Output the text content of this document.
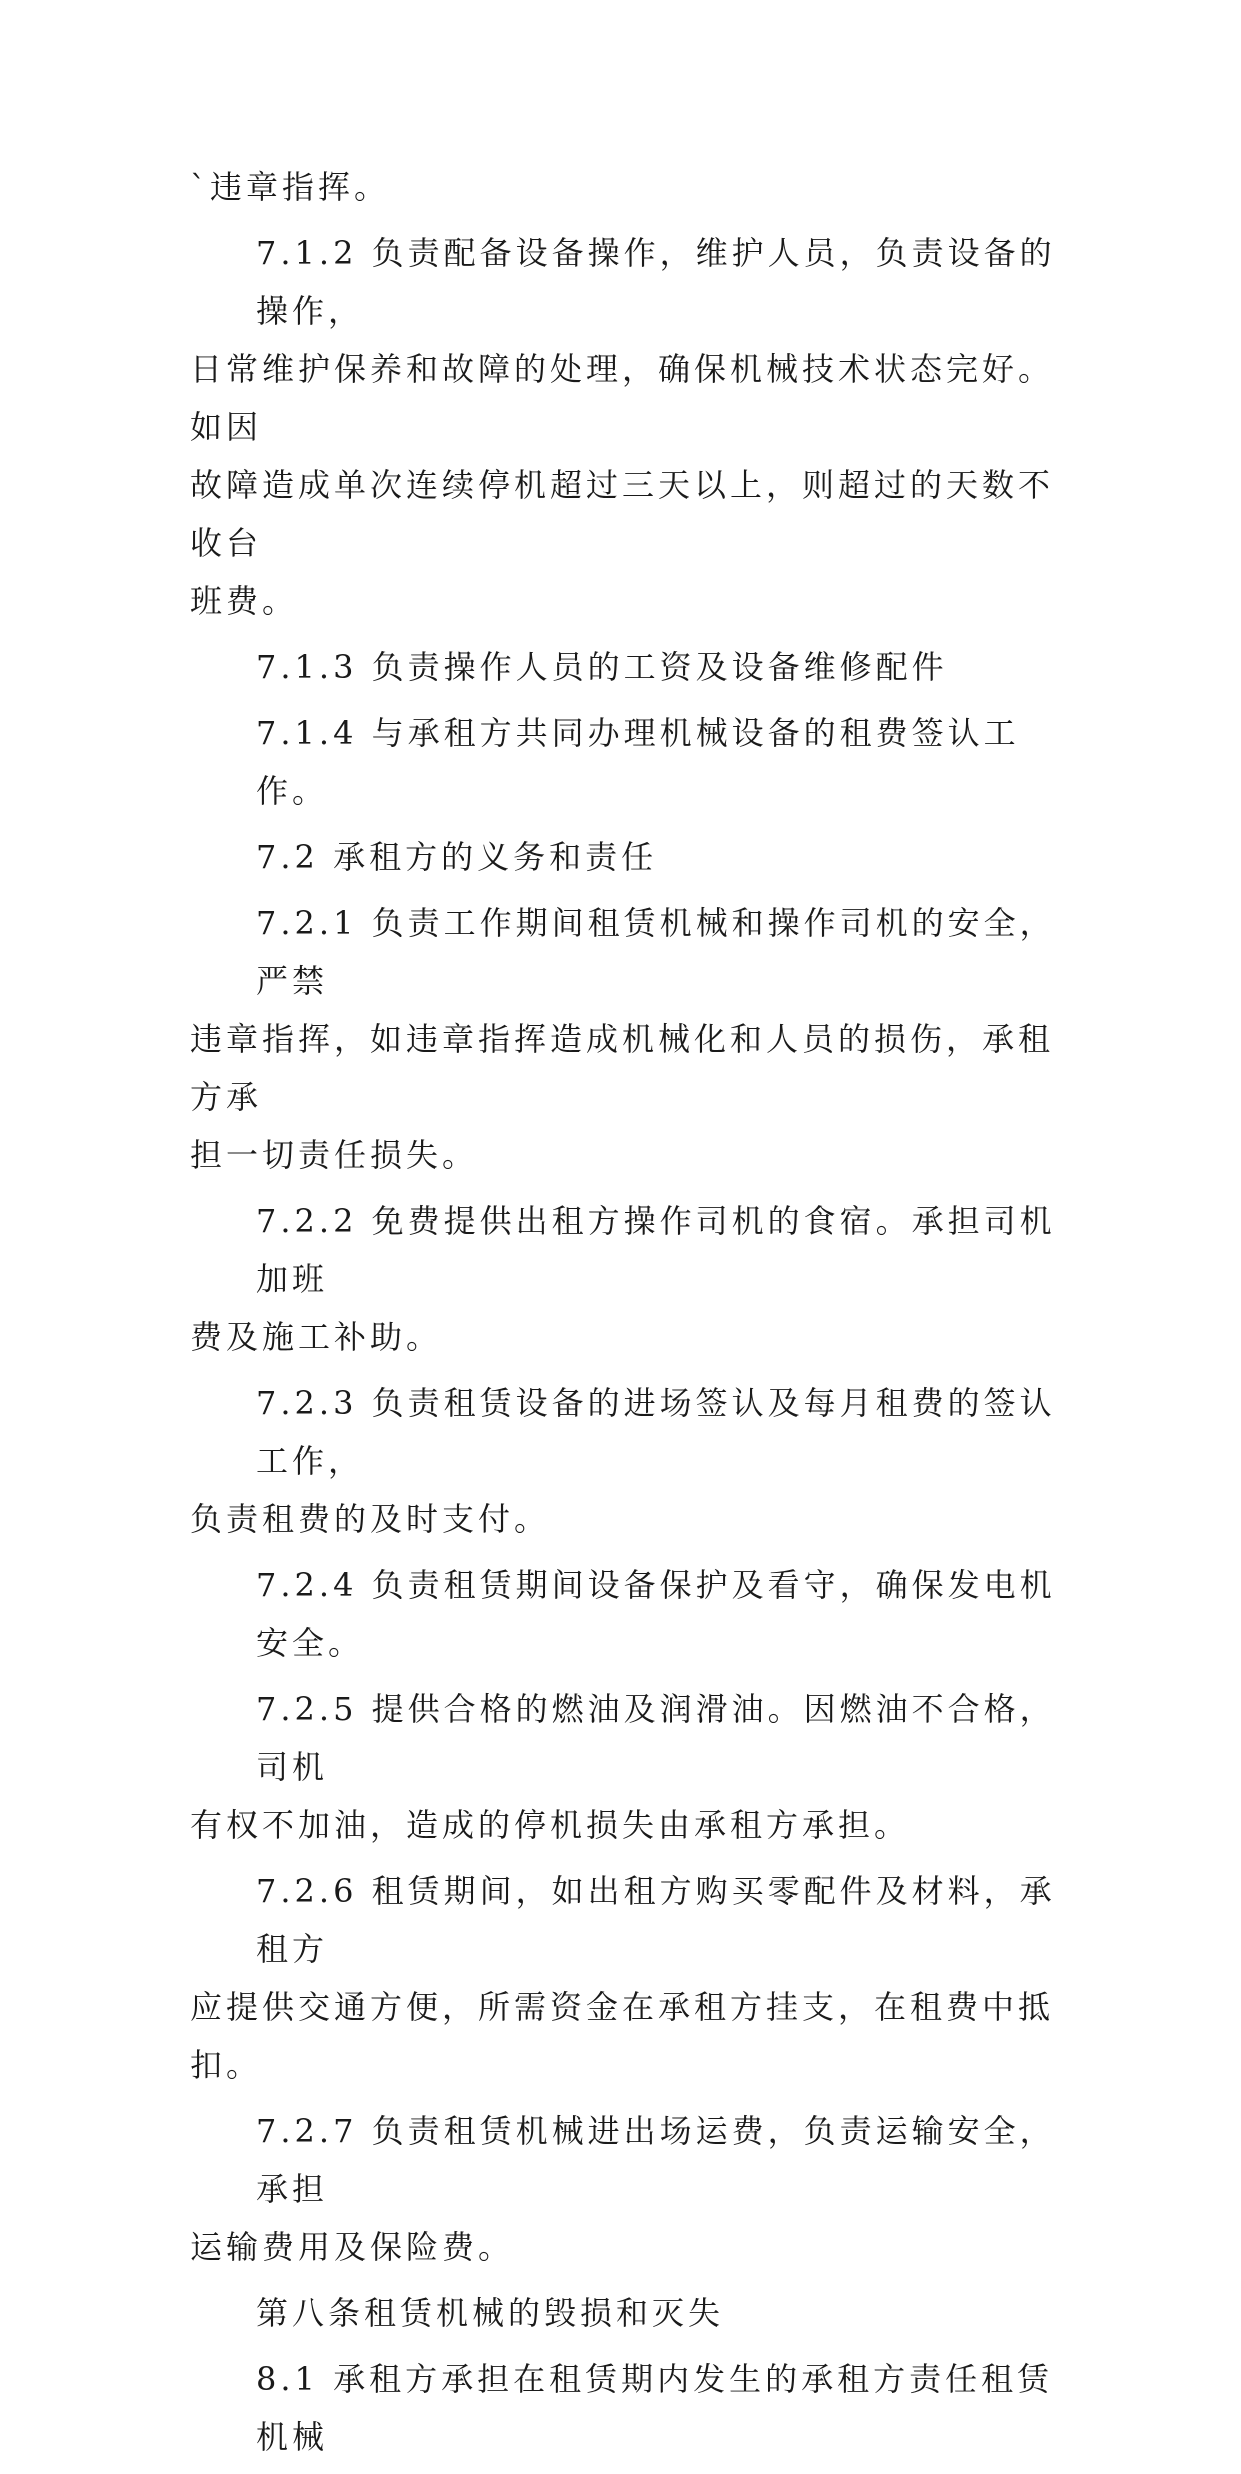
`违章指挥。
7.1.2 负责配备设备操作，维护人员，负责设备的操作，
日常维护保养和故障的处理，确保机械技术状态完好。如因
故障造成单次连续停机超过三天以上，则超过的天数不收台
班费。
7.1.3 负责操作人员的工资及设备维修配件
7.1.4 与承租方共同办理机械设备的租费签认工作。
7.2 承租方的义务和责任
7.2.1 负责工作期间租赁机械和操作司机的安全，严禁
违章指挥，如违章指挥造成机械化和人员的损伤，承租方承
担一切责任损失。
7.2.2 免费提供出租方操作司机的食宿。承担司机加班
费及施工补助。
7.2.3 负责租赁设备的进场签认及每月租费的签认工作，
负责租费的及时支付。
7.2.4 负责租赁期间设备保护及看守，确保发电机安全。
7.2.5 提供合格的燃油及润滑油。因燃油不合格，司机
有权不加油，造成的停机损失由承租方承担。
7.2.6 租赁期间，如出租方购买零配件及材料，承租方
应提供交通方便，所需资金在承租方挂支，在租费中抵扣。
7.2.7 负责租赁机械进出场运费，负责运输安全，承担
运输费用及保险费。
第八条租赁机械的毁损和灭失
8.1 承租方承担在租赁期内发生的承租方责任租赁机械
